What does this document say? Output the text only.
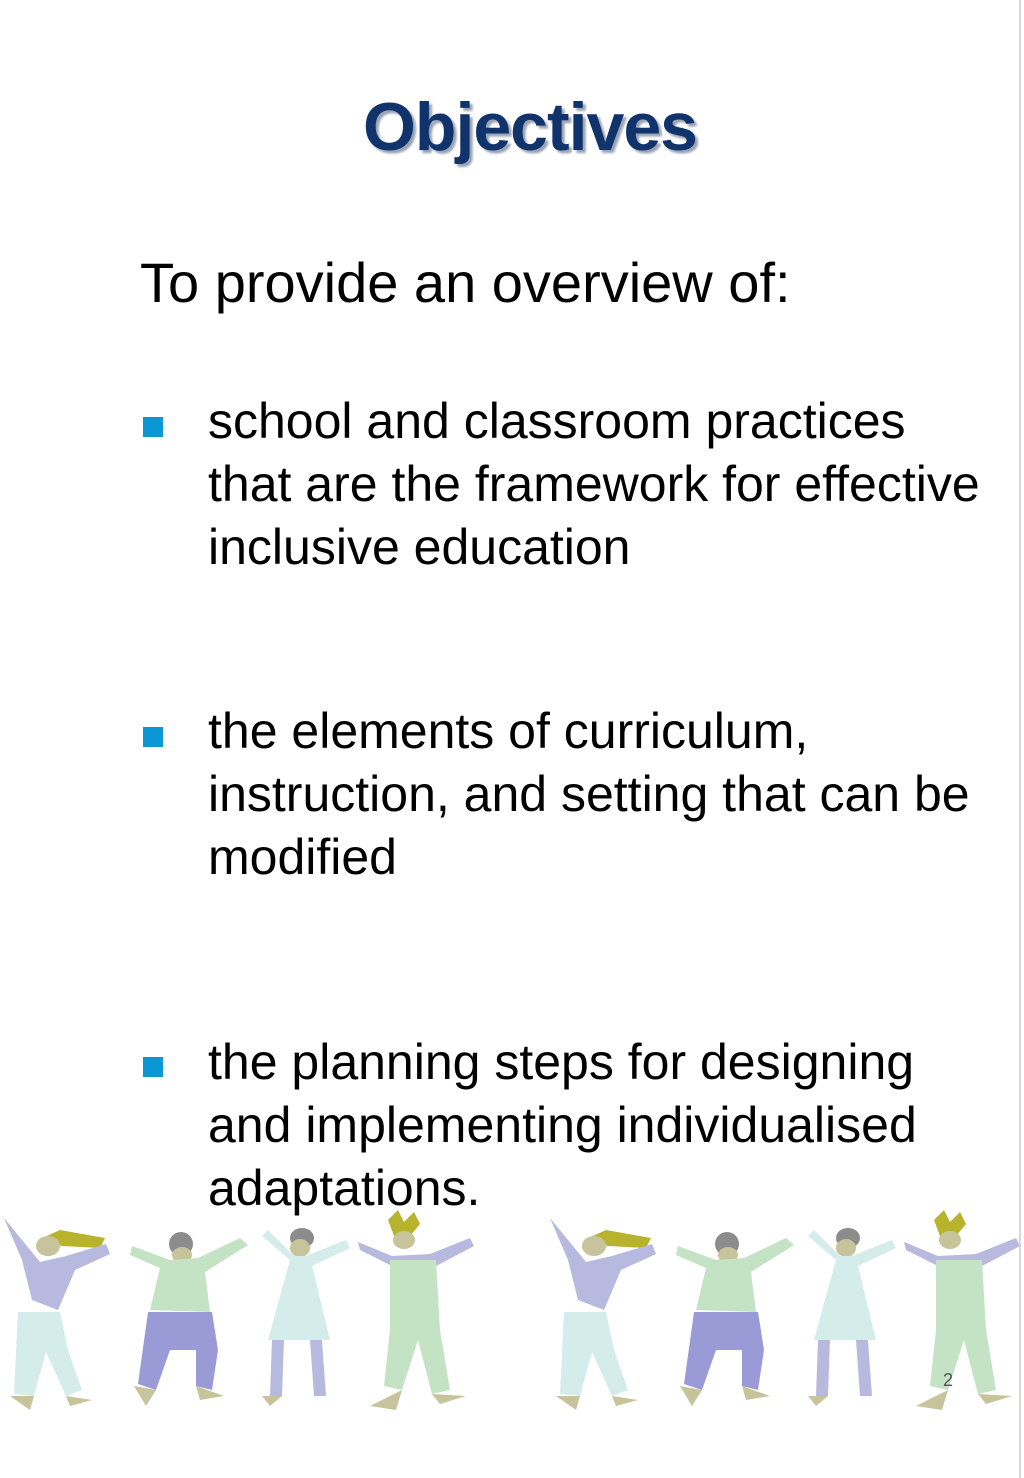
Objectives
To provide an overview of:
school and classroom practices that are the framework for effective inclusive education
the elements of curriculum, instruction, and setting that can be modified
the planning steps for designing and implementing individualised adaptations.
2
